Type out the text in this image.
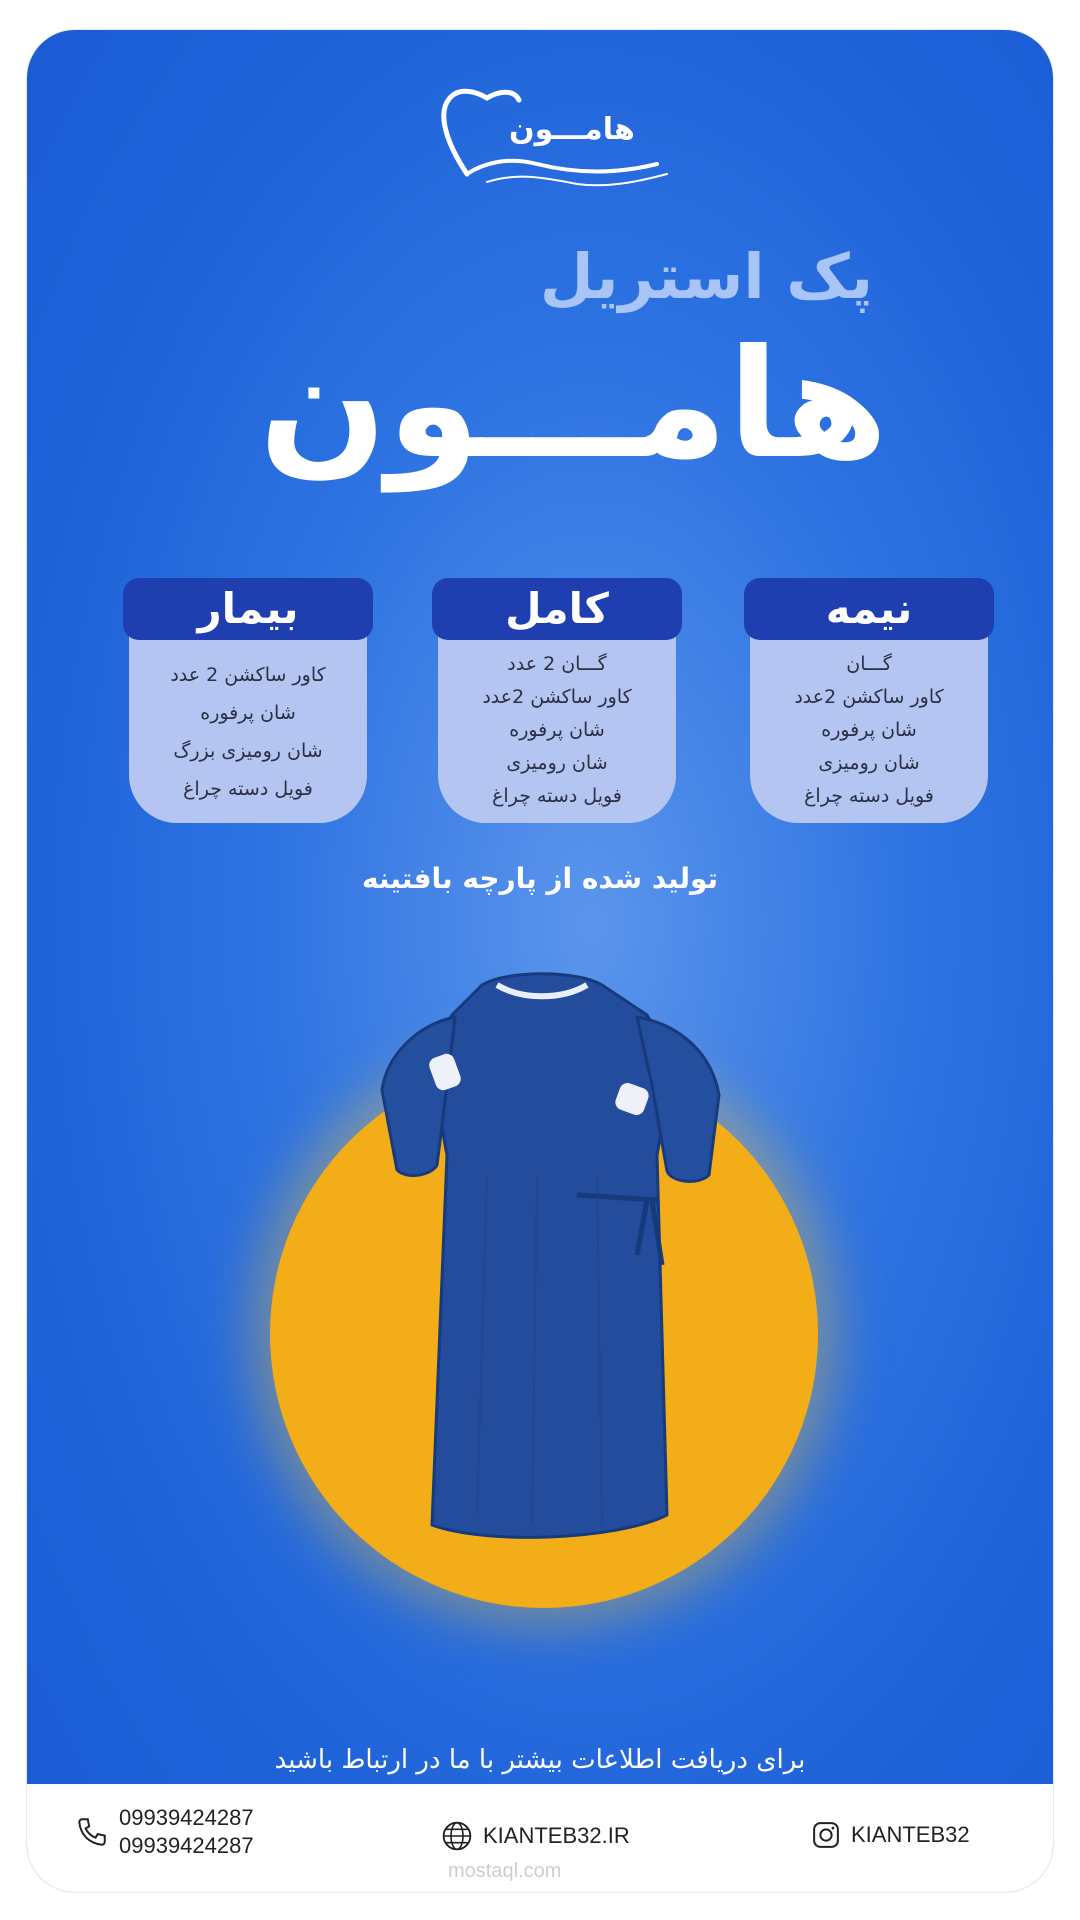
هامـــون
پک استریل
هامـــون
نیمه
گـــان
کاور ساکشن 2عدد
شان پرفوره
شان رومیزی
فویل دسته چراغ
کامل
گـــان 2 عدد
کاور ساکشن 2عدد
شان پرفوره
شان رومیزی
فویل دسته چراغ
بیمار
کاور ساکشن 2 عدد
شان پرفوره
شان رومیزی بزرگ
فویل دسته چراغ
تولید شده از پارچه بافتینه
برای دریافت اطلاعات بیشتر با ما در ارتباط باشید
09939424287
09939424287	KIANTEB32.IR	KIANTEB32
mostaql.com
